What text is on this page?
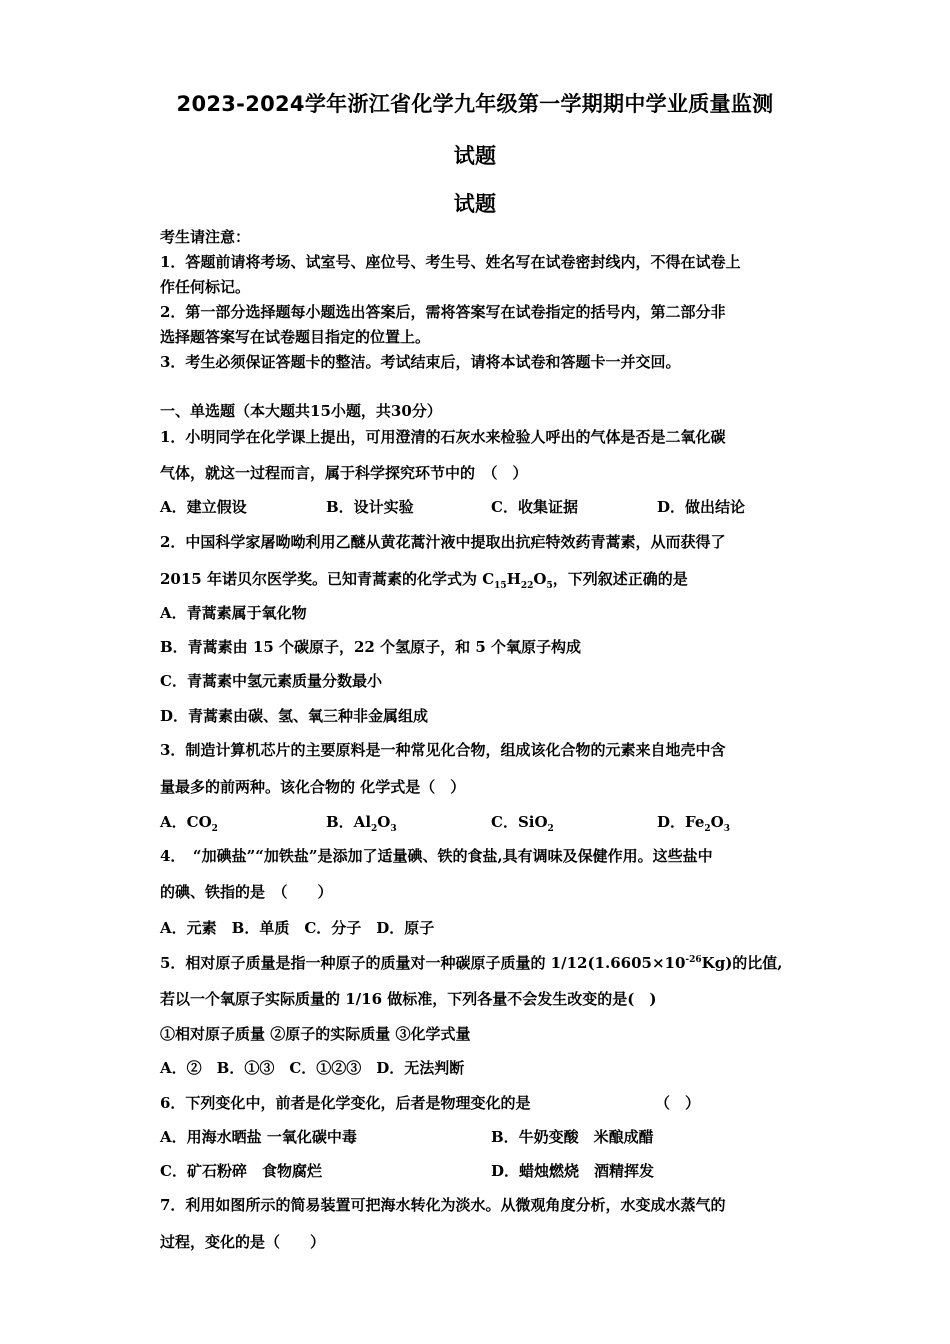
2023-2024学年浙江省化学九年级第一学期期中学业质量监测
试题
试题
考生请注意：
1．答题前请将考场、试室号、座位号、考生号、姓名写在试卷密封线内，不得在试卷上
作任何标记。
2．第一部分选择题每小题选出答案后，需将答案写在试卷指定的括号内，第二部分非
选择题答案写在试卷题目指定的位置上。
3．考生必须保证答题卡的整洁。考试结束后，请将本试卷和答题卡一并交回。
一、单选题（本大题共15小题，共30分）
1．小明同学在化学课上提出，可用澄清的石灰水来检验人呼出的气体是否是二氧化碳
气体，就这一过程而言，属于科学探究环节中的　（　）
A．建立假设	B．设计实验	C．收集证据	D．做出结论
2．中国科学家屠呦呦利用乙醚从黄花蒿汁液中提取出抗疟特效药青蒿素，从而获得了
2015 年诺贝尔医学奖。已知青蒿素的化学式为 $C_{15}H_{22}O_5$，下列叙述正确的是
A．青蒿素属于氧化物
B．青蒿素由 15 个碳原子，22 个氢原子，和 5 个氧原子构成
C．青蒿素中氢元素质量分数最小
D．青蒿素由碳、氢、氧三种非金属组成
3．制造计算机芯片的主要原料是一种常见化合物，组成该化合物的元素来自地壳中含
量最多的前两种。该化合物的 化学式是（　）
A．$CO_2$	B．$Al_2O_3$	C．SiO$_2$	D．$Fe_2O_3$
4．　“加碘盐”“加铁盐”是添加了适量碘、铁的食盐,具有调味及保健作用。这些盐中
的碘、铁指的是　（　　）
A．元素　B．单质　C．分子　D．原子
5．相对原子质量是指一种原子的质量对一种碳原子质量的 $1/12(1.6605\times 10^{-26}Kg)$的比值,
若以一个氧原子实际质量的 1/16 做标准，下列各量不会发生改变的是(　)
①相对原子质量 ②原子的实际质量 ③化学式量
A．②　B．①③　C．①②③　D．无法判断
6．下列变化中，前者是化学变化，后者是物理变化的是	（　）
A．用海水晒盐 一氧化碳中毒	B．牛奶变酸　米酿成醋
C．矿石粉碎　食物腐烂	D．蜡烛燃烧　酒精挥发
7．利用如图所示的简易装置可把海水转化为淡水。从微观角度分析，水变成水蒸气的
过程，变化的是（　　）
